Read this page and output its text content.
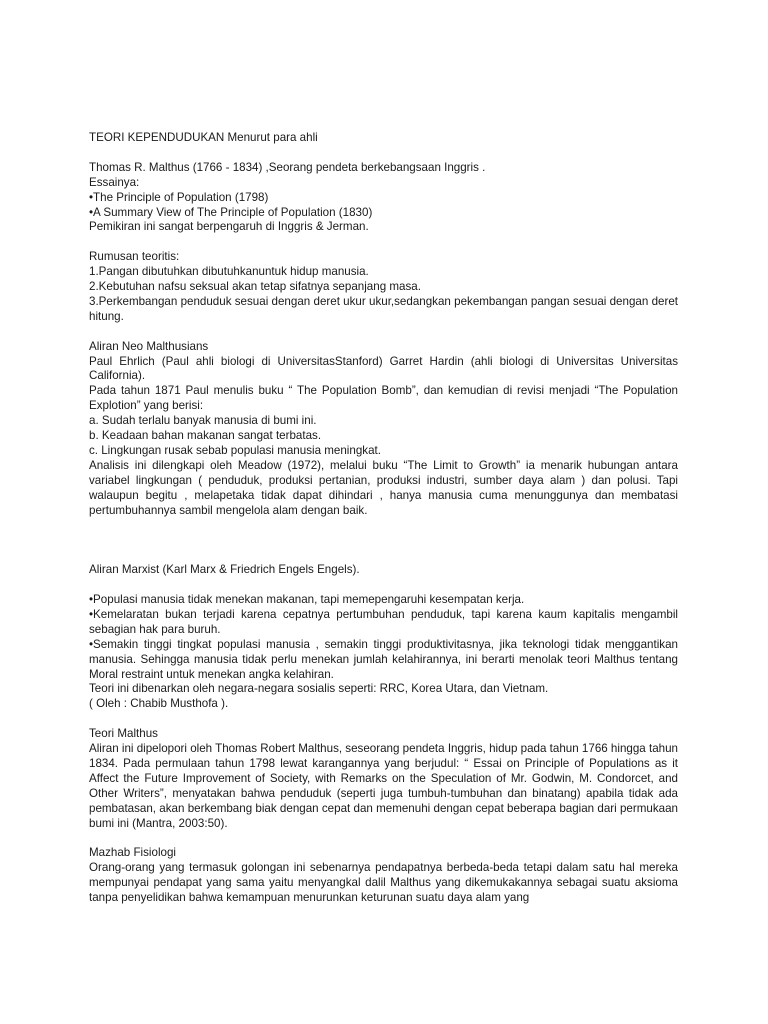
TEORI KEPENDUDUKAN Menurut para ahli

Thomas R. Malthus (1766 - 1834) ,Seorang pendeta berkebangsaan Inggris .

Essainya:

•The Principle of Population (1798)

•A Summary View of The Principle of Population (1830)

Pemikiran ini sangat berpengaruh di Inggris & Jerman.

Rumusan teoritis:

1.Pangan dibutuhkan dibutuhkanuntuk hidup manusia.

2.Kebutuhan nafsu seksual akan tetap sifatnya sepanjang masa.

3.Perkembangan penduduk sesuai dengan deret ukur ukur,sedangkan pekembangan pangan sesuai dengan deret hitung.

Aliran Neo Malthusians

Paul Ehrlich (Paul ahli biologi di UniversitasStanford) Garret Hardin (ahli biologi di Universitas Universitas California).

Pada tahun 1871 Paul menulis buku “ The Population Bomb”, dan kemudian di revisi menjadi “The Population Explotion” yang berisi:

a. Sudah terlalu banyak manusia di bumi ini.

b. Keadaan bahan makanan sangat terbatas.

c. Lingkungan rusak sebab populasi manusia meningkat.

Analisis ini dilengkapi oleh Meadow (1972), melalui buku “The Limit to Growth” ia menarik hubungan antara variabel lingkungan ( penduduk, produksi pertanian, produksi industri, sumber daya alam ) dan polusi. Tapi walaupun begitu , melapetaka tidak dapat dihindari , hanya manusia cuma menunggunya dan membatasi pertumbuhannya sambil mengelola alam dengan baik.

Aliran Marxist (Karl Marx & Friedrich Engels Engels).

•Populasi manusia tidak menekan makanan, tapi memepengaruhi kesempatan kerja.

•Kemelaratan bukan terjadi karena cepatnya pertumbuhan penduduk, tapi karena kaum kapitalis mengambil sebagian hak para buruh.

•Semakin tinggi tingkat populasi manusia , semakin tinggi produktivitasnya, jika teknologi tidak menggantikan manusia. Sehingga manusia tidak perlu menekan jumlah kelahirannya, ini berarti menolak teori Malthus tentang Moral restraint untuk menekan angka kelahiran.

Teori ini dibenarkan oleh negara-negara sosialis seperti: RRC, Korea Utara, dan Vietnam.

( Oleh : Chabib Musthofa ).

Teori Malthus

Aliran ini dipelopori oleh Thomas Robert Malthus, seseorang pendeta Inggris, hidup pada tahun 1766 hingga tahun 1834. Pada permulaan tahun 1798 lewat karangannya yang berjudul: “ Essai on Principle of Populations as it Affect the Future Improvement of Society, with Remarks on the Speculation of Mr. Godwin, M. Condorcet, and Other Writers”, menyatakan bahwa penduduk (seperti juga tumbuh-tumbuhan dan binatang) apabila tidak ada pembatasan, akan berkembang biak dengan cepat dan memenuhi dengan cepat beberapa bagian dari permukaan bumi ini (Mantra, 2003:50).

Mazhab Fisiologi

Orang-orang yang termasuk golongan ini sebenarnya pendapatnya berbeda-beda tetapi dalam satu hal mereka mempunyai pendapat yang sama yaitu menyangkal dalil Malthus yang dikemukakannya sebagai suatu aksioma tanpa penyelidikan bahwa kemampuan menurunkan keturunan suatu daya alam yang
